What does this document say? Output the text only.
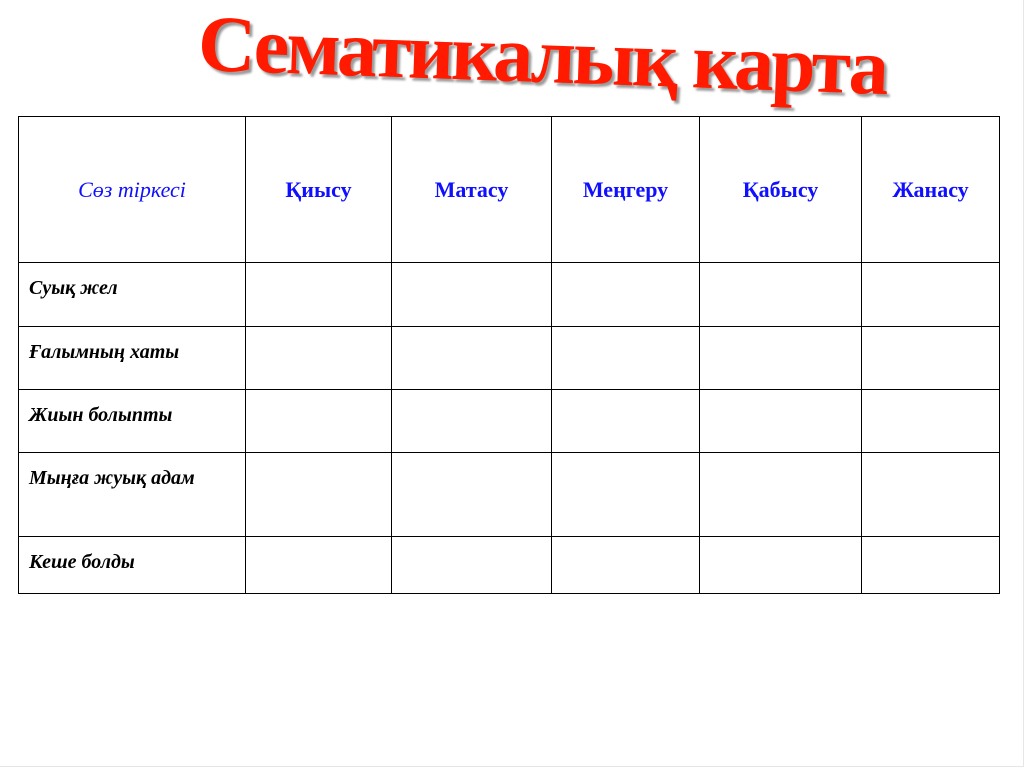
Сематикалық карта
Сөз тіркесі	Қиысу	Матасу	Меңгеру	Қабысу	Жанасу
Суық жел					
Ғалымның хаты					
Жиын болыпты					
Мыңға жуық адам					
Кеше болды					
